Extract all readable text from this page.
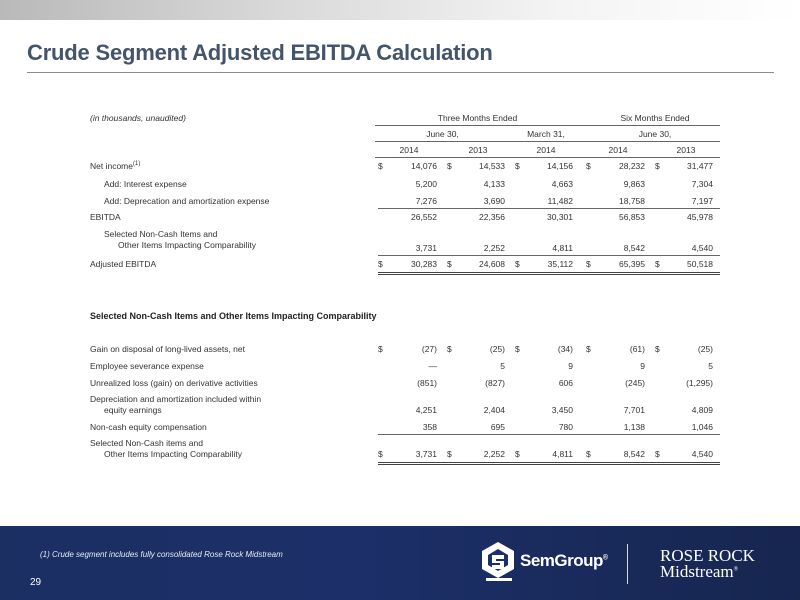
Crude Segment Adjusted EBITDA Calculation
(in thousands, unaudited)	Three Months Ended	Six Months Ended
June 30,	March 31,	June 30,
2014	2013	2014	2014	2013
Net income$^{(1)}$	$	14,076 $	14,533 $	14,156 $	28,232 $	31,477
Add: Interest expense	5,200	4,133	4,663	9,863	7,304
Add: Deprecation and amortization expense	7,276	3,690	11,482	18,758	7,197
EBITDA	26,552	22,356	30,301	56,853	45,978
Selected Non-Cash Items and
Other Items Impacting Comparability	3,731	2,252	4,811	8,542	4,540
Adjusted EBITDA	$	30,283 $	24,608 $	35,112 $	65,395 $	50,518
Selected Non-Cash Items and Other Items Impacting Comparability
Gain on disposal of long-lived assets, net	$	(27) $	(25) $	(34) $	(61) $	(25)
Employee severance expense	—	5	9	9	5
Unrealized loss (gain) on derivative activities	(851)	(827)	606	(245)	(1,295)
Depreciation and amortization included within
equity earnings	4,251	2,404	3,450	7,701	4,809
Non-cash equity compensation	358	695	780	1,138	1,046
Selected Non-Cash items and
Other Items Impacting Comparability	$	3,731 $	2,252 $	4,811 $	8,542 $	4,540
(1) Crude segment includes fully consolidated Rose Rock Midstream
29
SemGroup®	ROSE ROCK
Midstream®
